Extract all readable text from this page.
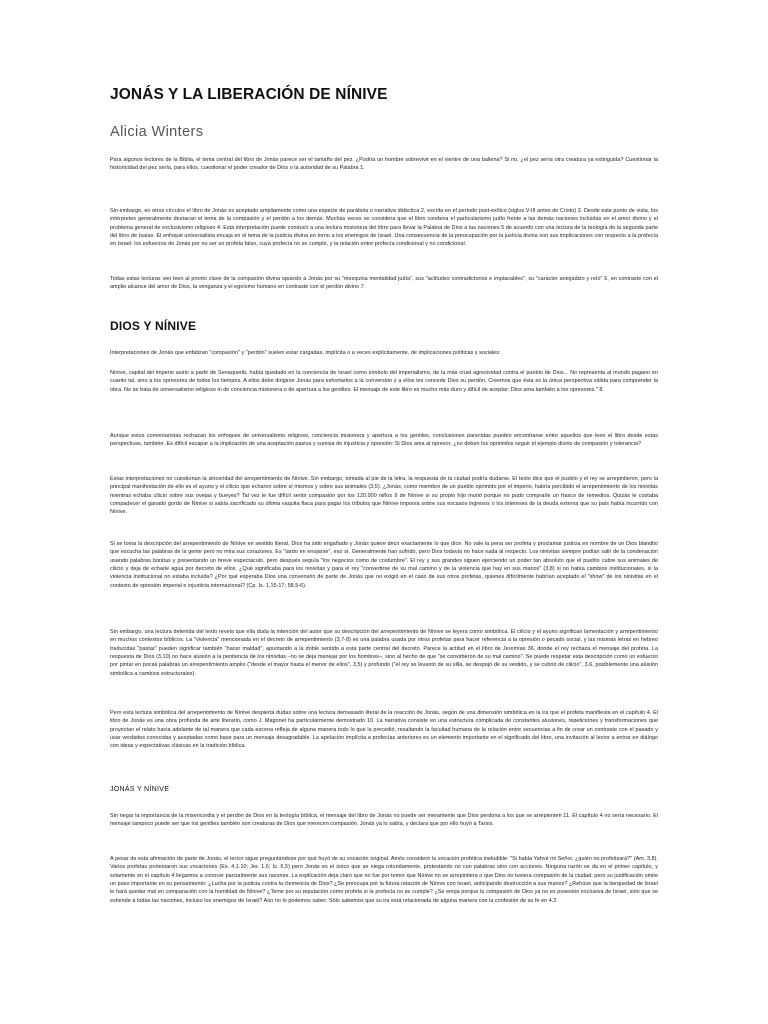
JONÁS Y LA LIBERACIÓN DE NÍNIVE
Alicia Winters

Para algunos lectores de la Biblia, el tema central del libro de Jonás parece ser el tamaño del pez. ¿Podría un hombre sobrevivir en el vientre de una ballena? Si no, ¿el pez sería otra creatura ya extinguida? Cuestionar la historicidad del pez sería, para ellos, cuestionar el poder creador de Dios o la autoridad de su Palabra 1.

Sin embargo, en otros círculos el libro de Jonás es aceptado ampliamente como una especie de parábola o narrativa didáctica 2, escrita en el período post-exílico (siglos V-III antes de Cristo) 3. Desde este punto de vista, los intérpretes generalmente destacan el tema de la compasión y el perdón a los demás. Muchas veces se considera que el libro condena el particularismo judío frente a las demás naciones incluidas en el amor divino y el problema general de exclusivismo religioso 4. Esta interpretación puede conducir a una lectura misionera del libro para llevar la Palabra de Dios a las naciones 5 de acuerdo con una lectura de la teología de la segunda parte del libro de Isaías. El enfoque universalista encaja en el tema de la justicia divina en torno a los enemigos de Israel. Una consecuencia de la preocupación por la justicia divina son sus implicaciones con respecto a la profecía en Israel: los esfuerzos de Jonás por no ser un profeta falso, cuya profecía no se cumple, y la relación entre profecía condicional y no condicional.

Todas estas lecturas ven leen al pronto clave de la compasión divina opuesto a Jonás por su "mezquina mentalidad judía", sus "actitudes contradictorios e implacables", su "carácter antojadizo y reío" 6, en contraste con el amplio alcance del amor de Dios, la venganza y el egoísmo humano en contraste con el perdón divino 7.

DIOS Y NÍNIVE

Interpretaciones de Jonás que enfatizan "compasión" y "perdón" suelen estar cargadas, implícita o a veces explícitamente, de implicaciones políticas y sociales:

Nínive, capital del imperio asirio a partir de Senaquerib, había quedado en la conciencia de Israel como símbolo del imperialismo, de la más cruel agresividad contra el pueblo de Dios... No representa al mundo pagano en cuanto tal, sino a los opresores de todos los tiempos. A ellos debe dirigirse Jonás para exhortarlos a la conversión y a ellos les concede Dios su perdón. Creemos que ésta es la única perspectiva válida para comprender la obra. No se trata de universalismo religioso ni de conciencia misionera o de apertura a los gentiles. El mensaje de este libro es mucho más duro y difícil de aceptar: Dios ama también a los opresores." 8.

Aunque estos comentaristas rechazan los enfoques de universalismo religioso, conciencia misionera y apertura a los gentiles, conclusiones parecidas pueden encontrarse entre aquellos que leen el libro desde estas perspectivas, también. Es difícil escapar a la implicación de una aceptación pasiva y sumisa de injusticia y opresión: Si Dios ama al opresor, ¿no deben los oprimidos seguir el ejemplo divino de compasión y tolerancia?

Estas interpretaciones no cuestionan la sinceridad del arrepentimiento de Nínive. Sin embargo, tomada al pie de la letra, la respuesta de la ciudad podría dudarse. El texto dice que el pueblo y el rey se arrepintieron, pero la principal manifestación de ello es el ayuno y el cilicio que echaron sobre sí mismos y sobre sus animales (3,5). ¿Jonás, como miembro de un pueblo oprimido por el imperio, habría percibido el arrepentimiento de los ninivitas mientras echaba cilicio sobre sus ovejas y bueyes? Tal vez le fue difícil sentir compasión por los 120.000 niños 9 de Nínive si su propio hijo murió porque no pudo comprarle un frasco de remedios. Quizás le costaba compadecer el ganado gordo de Nínive si sabía sacrificado su última vaquita flaca para pagar los tributos que Nínive imponía sobre sus escasos ingresos o los intereses de la deuda externa que su país había incurrido con Nínive.

Si se toma la descripción del arrepentimiento de Nínive en sentido literal, Dios ha sido engañado y Jonás quiere decir exactamente lo que dice. No vale la pena ser profeta y proclamar justicia en nombre de un Dios blandito que escucha las palabras de la gente pero no mira sus corazones. Es "tardo en enojarse", eso sí. Generalmente han sufrido, pero Dios todavía no hace nada al respecto. Los ninivitas siempre podían salir de la condenación usando palabras bonitas y presentando un breve espectáculo, pero después seguía "los negocios como de costumbre". El rey y sus grandes siguen ejerciendo un poder tan absoluto que el pueblo cubre sus animales de cilicio y deja de echarle agua por decreto de ellos. ¿Qué significaba para los ninivitas y para el rey "convertirse de su mal camino y de la violencia que hay en sus manos" (3,8) si no había cambios institucionales, si la violencia institucional no estaba incluida? ¿Por qué esperaba Dios una conversión de parte de Jonás que no exigió en el caso de sus otros profetas, quienes difícilmente habrían aceptado el "show" de los ninivitas en el contexto de opresión imperial e injusticia internacional? (Cp. Is. 1,15-17; 58,5-6).

Sin embargo, una lectura detenida del texto revela que ella duda la intención del autor que su descripción del arrepentimiento de Nínive se leyera como simbólica. El cilicio y el ayuno significan lamentación y arrepentimiento en muchos contextos bíblicos. La "violencia" mencionada en el decreto de arrepentimiento (3,7-8) es una palabra usada por otros profetas para hacer referencia a la opresión o pecado social, y las mismas letras en hebreo traducidas "pastar" pueden significar también "hacer maldad", apuntando a la doble sentido a esta parte central del decreto. Parece la actitud en el libro de Jeremías 36, donde el rey rechaza el mensaje del profeta. La respuesta de Dios (3,10) no hace alusión a la penitencia de los ninivitas –no se deja manejar por los hombres–, sino al hecho de que "se convirtieron de su mal camino". Se puede respetar esta descripción como un esfuerzo por pintar en pocas palabras un arrepentimiento amplio ("desde el mayor hasta el menor de ellos", 3,5) y profundo ("el rey se levantó de su silla, se despojó de su vestido, y se cubrió de cilicio", 3,6, posiblemente una alusión simbólica a cambios estructurales).

Pero esta lectura simbólica del arrepentimiento de Nínive despierta dudas sobre una lectura demasiado literal de la reacción de Jonás, según de una dimensión simbólica en la ira que el profeta manifiesta en el capítulo 4. El libro de Jonás es una obra profunda de arte literario, como J. Magonet ha particularmente demostrado 10. La narrativa consiste en una estructura complicada de constantes alusiones, repeticiones y transformaciones que proyectan el relato hacia adelante de tal manera que cada escena refleja de alguna manera todo lo que la precedió, resaltando la facultad humana de la relación entre secuencias a fin de crear un contraste con el pasado y usar verdades conocidas y aceptadas como base para un mensaje desagradable. La apelación implícita a profecías anteriores es un elemento importante en el significado del libro, una invitación al lector a entrar en diálogo con ideas y expectativas clásicas en la tradición bíblica.

JONÁS Y NÍNIVE

Sin negar la importancia de la misericordia y el perdón de Dios en la teología bíblica, el mensaje del libro de Jonás no puede ser meramente que Dios perdona a los que se arrepienten 11. El capítulo 4 no sería necesario. El mensaje tampoco puede ser que los gentiles también son creaturas de Dios que merecen compasión. Jonás ya lo sabía, y declara que por ello huyó a Tarsis.

A pesar de esta afirmación de parte de Jonás, el lector sigue preguntándose por qué huyó de su vocación original. Amós consideró la vocación profética ineludible: "Si habla Yahvé mi Señor, ¿quién no profetizará?" (Am. 3,8). Varios profetas protestaron sus vocaciones (Ex. 4,1.10; Jer. 1,6; Is. 6,5) pero Jonás es el único que se niega rotundamente, protestando no con palabras sino con acciones. Ninguna razón se da en el primer capítulo, y solamente en el capítulo 4 llegamos a conocer parcialmente sus razones. La explicación deja claro que no fue por temor que Nínive no se arrepintiera o que Dios no tuviera compasión de la ciudad, pero su justificación omite un paso importante en su pensamiento: ¿Lucha por la justicia contra la clemencia de Dios? ¿Se preocupa por la futura relación de Nínive con Israel, anticipando destrucción a sus manos? ¿Rehúse que la tierquedad de Israel le hará quedar mal en comparación con la humildad de Nínive? ¿Teme por su reputación como profeta si la profecía no se cumple? ¿Se enoja porque la compasión de Dios ya no es posesión exclusiva de Israel, sino que se extiende a todas las naciones, incluso los enemigos de Israel? Aún no lo podemos saber. Sólo sabemos que su ira está relacionada de alguna manera con la confesión de su fe en 4,2.
